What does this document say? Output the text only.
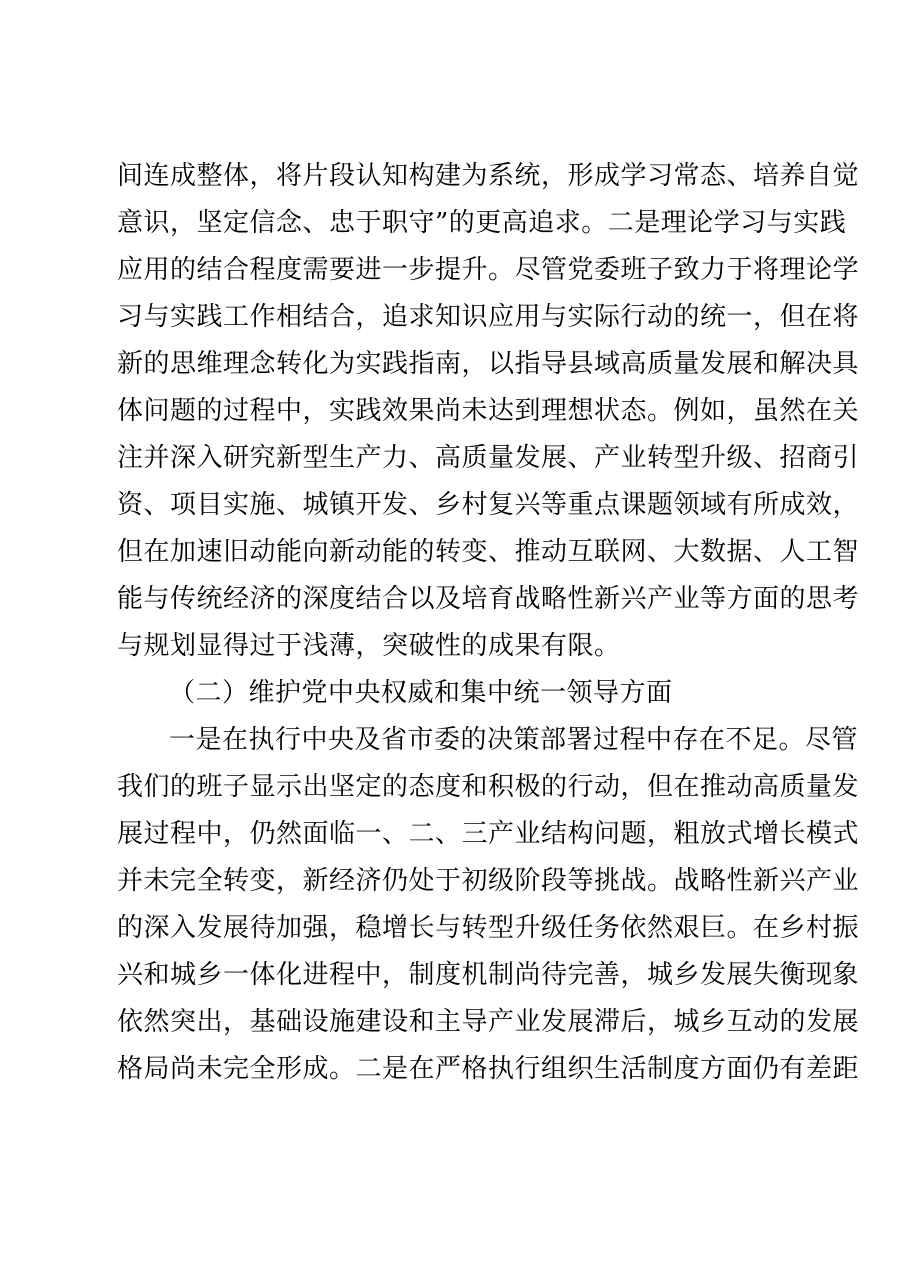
间连成整体，将片段认知构建为系统，形成学习常态、培养自觉
意识，坚定信念、忠于职守”的更高追求。二是理论学习与实践
应用的结合程度需要进一步提升。尽管党委班子致力于将理论学
习与实践工作相结合，追求知识应用与实际行动的统一，但在将
新的思维理念转化为实践指南，以指导县域高质量发展和解决具
体问题的过程中，实践效果尚未达到理想状态。例如，虽然在关
注并深入研究新型生产力、高质量发展、产业转型升级、招商引
资、项目实施、城镇开发、乡村复兴等重点课题领域有所成效，
但在加速旧动能向新动能的转变、推动互联网、大数据、人工智
能与传统经济的深度结合以及培育战略性新兴产业等方面的思考
与规划显得过于浅薄，突破性的成果有限。
（二）维护党中央权威和集中统一领导方面
一是在执行中央及省市委的决策部署过程中存在不足。尽管
我们的班子显示出坚定的态度和积极的行动，但在推动高质量发
展过程中，仍然面临一、二、三产业结构问题，粗放式增长模式
并未完全转变，新经济仍处于初级阶段等挑战。战略性新兴产业
的深入发展待加强，稳增长与转型升级任务依然艰巨。在乡村振
兴和城乡一体化进程中，制度机制尚待完善，城乡发展失衡现象
依然突出，基础设施建设和主导产业发展滞后，城乡互动的发展
格局尚未完全形成。二是在严格执行组织生活制度方面仍有差距
